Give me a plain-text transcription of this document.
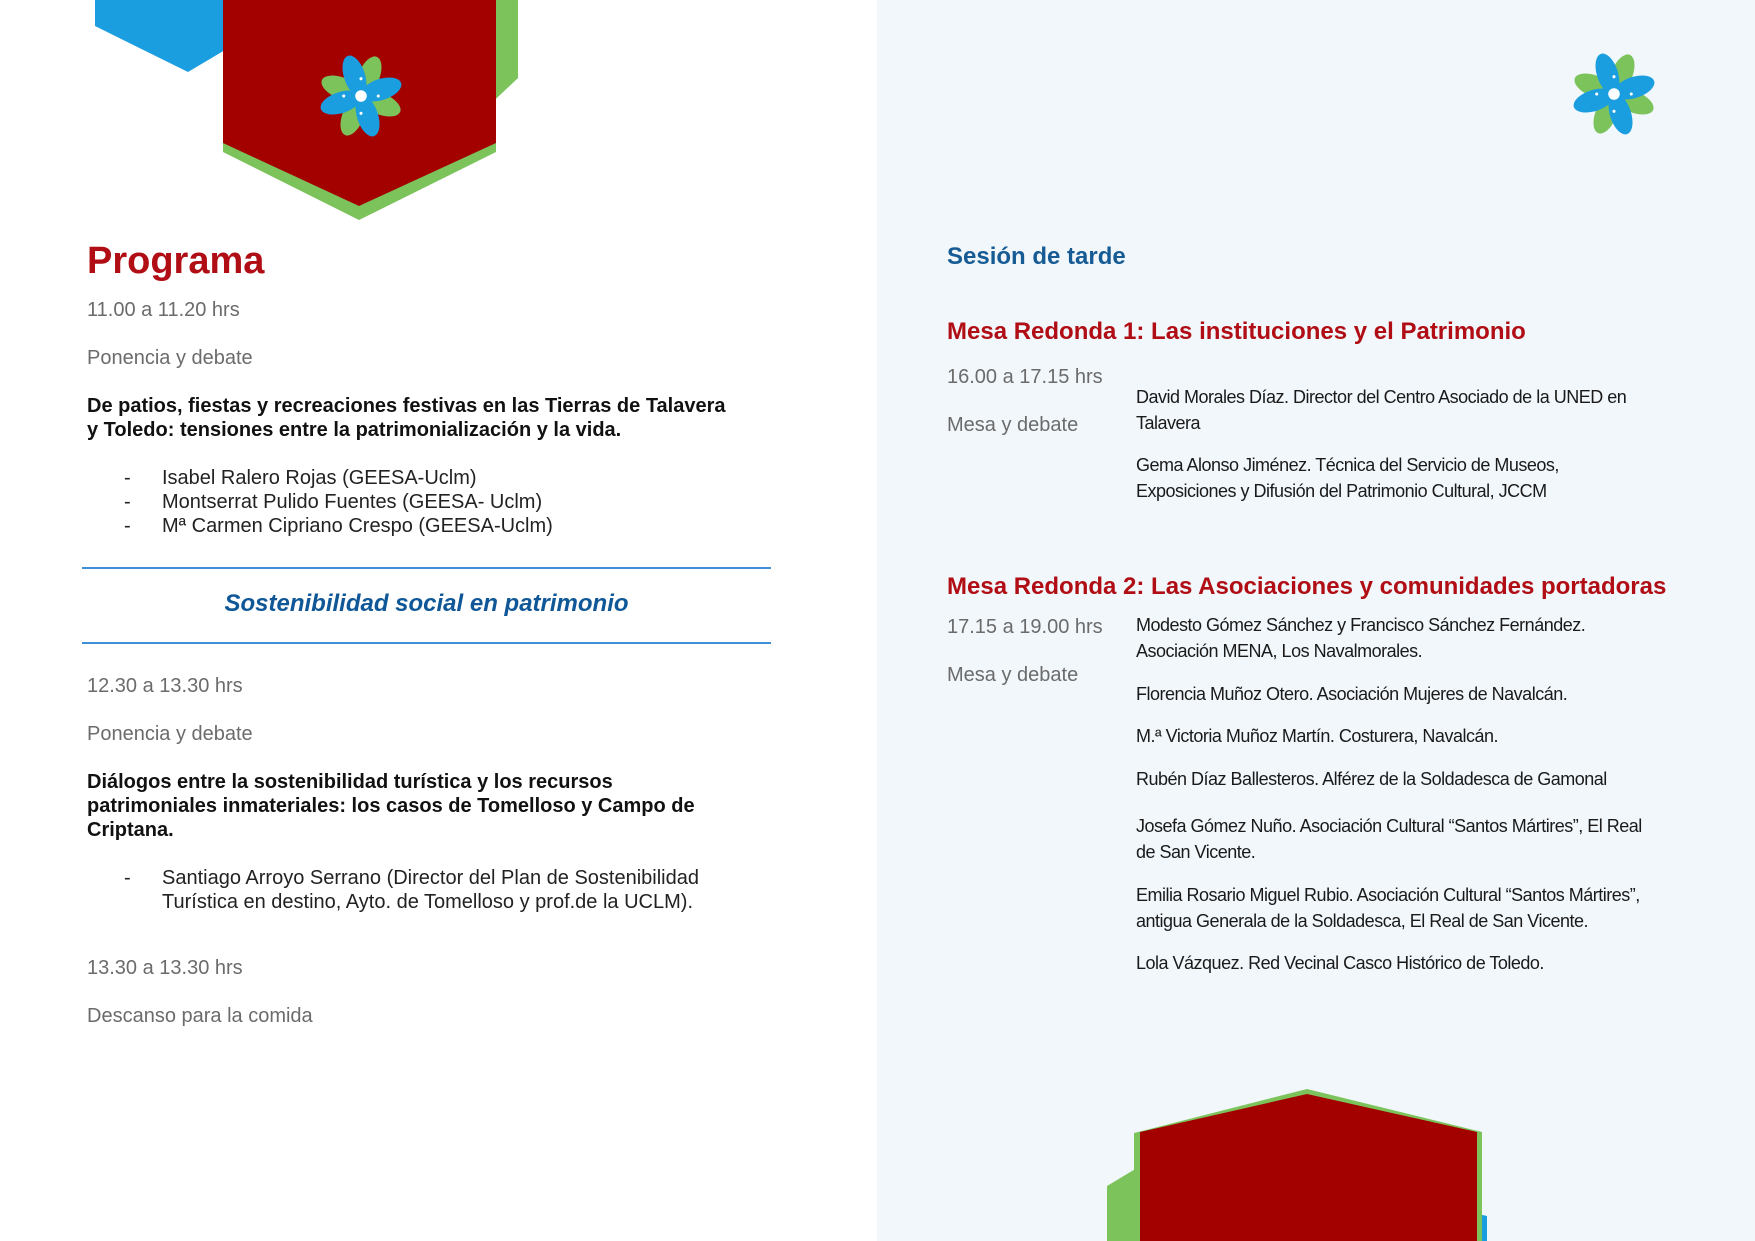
Programa
11.00 a 11.20 hrs
Ponencia y debate
De patios, fiestas y recreaciones festivas en las Tierras de Talavera
y Toledo: tensiones entre la patrimonialización y la vida.
- Isabel Ralero Rojas (GEESA-Uclm)
- Montserrat Pulido Fuentes (GEESA- Uclm)
- Mª Carmen Cipriano Crespo (GEESA-Uclm)
Sostenibilidad social en patrimonio
12.30 a 13.30 hrs
Ponencia y debate
Diálogos entre la sostenibilidad turística y los recursos
patrimoniales inmateriales: los casos de Tomelloso y Campo de
Criptana.
- Santiago Arroyo Serrano (Director del Plan de Sostenibilidad
Turística en destino, Ayto. de Tomelloso y prof.de la UCLM).
13.30 a 13.30 hrs
Descanso para la comida
Sesión de tarde
Mesa Redonda 1: Las instituciones y el Patrimonio
16.00 a 17.15 hrs
Mesa y debate
David Morales Díaz. Director del Centro Asociado de la UNED en
Talavera
Gema Alonso Jiménez. Técnica del Servicio de Museos,
Exposiciones y Difusión del Patrimonio Cultural, JCCM
Mesa Redonda 2: Las Asociaciones y comunidades portadoras
17.15 a 19.00 hrs
Mesa y debate
Modesto Gómez Sánchez y Francisco Sánchez Fernández.
Asociación MENA, Los Navalmorales.
Florencia Muñoz Otero. Asociación Mujeres de Navalcán.
M.ª Victoria Muñoz Martín. Costurera, Navalcán.
Rubén Díaz Ballesteros. Alférez de la Soldadesca de Gamonal
Josefa Gómez Nuño. Asociación Cultural “Santos Mártires”, El Real
de San Vicente.
Emilia Rosario Miguel Rubio. Asociación Cultural “Santos Mártires”,
antigua Generala de la Soldadesca, El Real de San Vicente.
Lola Vázquez. Red Vecinal Casco Histórico de Toledo.
